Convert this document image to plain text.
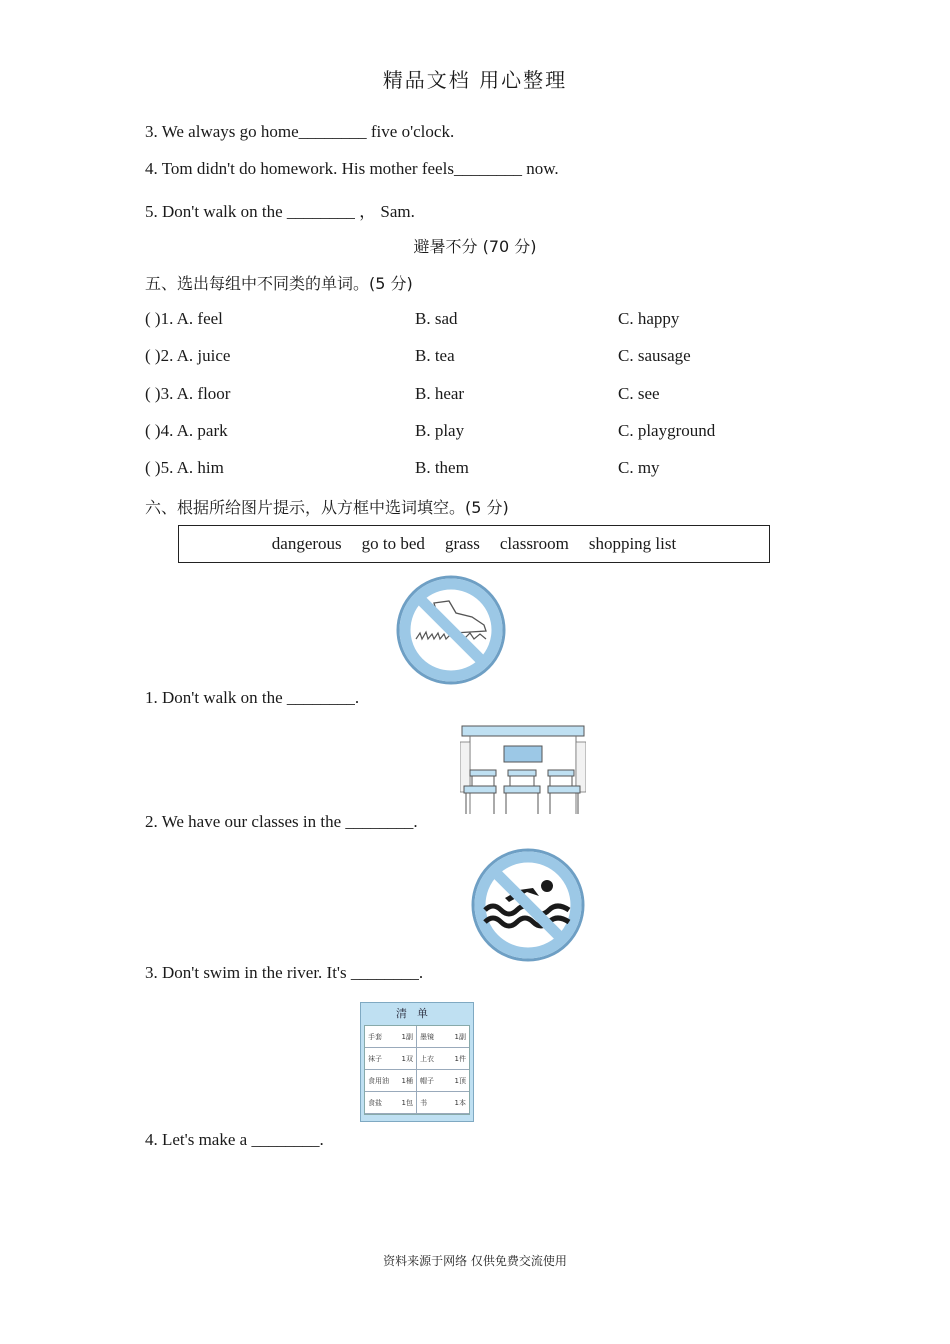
精品文档 用心整理
3. We always go home________ five o'clock.
4. Tom didn't do homework. His mother feels________ now.
5. Don't walk on the ________ ， Sam.
避暑不分 (70 分)
五、选出每组中不同类的单词。(5 分)
( )1. A. feel	B. sad	C. happy
( )2. A. juice	B. tea	C. sausage
( )3. A. floor	B. hear	C. see
( )4. A. park	B. play	C. playground
( )5. A. him	B. them	C. my
六、根据所给图片提示，从方框中选词填空。(5 分)
dangerous go to bed grass classroom shopping list
1. Don't walk on the ________.
2. We have our classes in the ________.
3. Don't swim in the river. It's ________.
清单
手套	1副 墨镜	1副
袜子	1双 上衣	1件
食用油 1桶 帽子	1顶
食盐	1包 书	1本
4. Let's make a ________.
资料来源于网络 仅供免费交流使用
